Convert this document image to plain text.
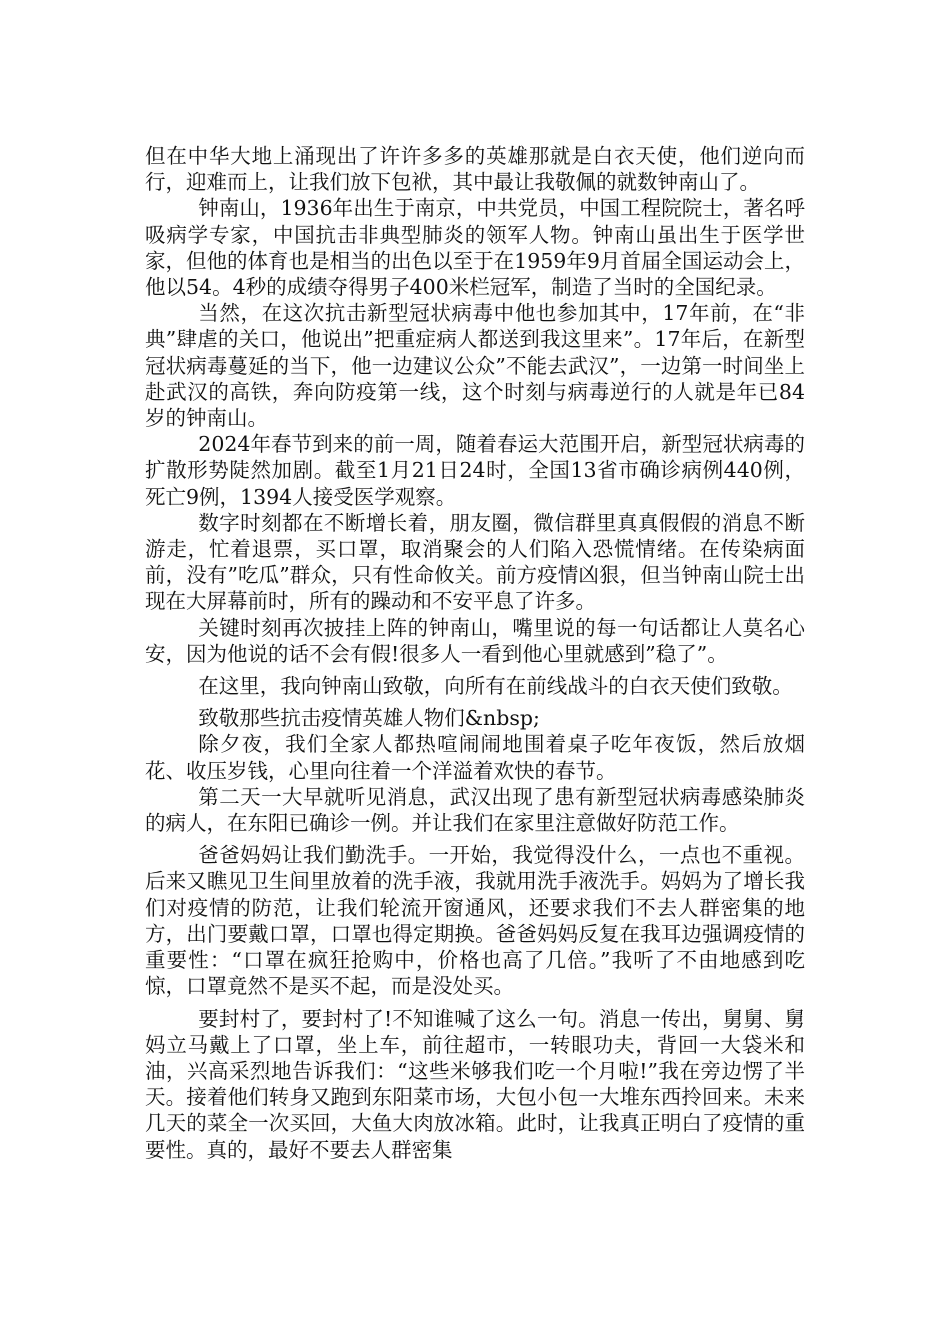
但在中华大地上涌现出了许许多多的英雄那就是白衣天使，他们逆向而行，迎难而上，让我们放下包袱，其中最让我敬佩的就数钟南山了。

钟南山，1936年出生于南京，中共党员，中国工程院院士，著名呼吸病学专家，中国抗击非典型肺炎的领军人物。钟南山虽出生于医学世家，但他的体育也是相当的出色以至于在1959年9月首届全国运动会上，他以54。4秒的成绩夺得男子400米栏冠军，制造了当时的全国纪录。

当然，在这次抗击新型冠状病毒中他也参加其中，17年前，在“非典”肆虐的关口，他说出”把重症病人都送到我这里来”。17年后，在新型冠状病毒蔓延的当下，他一边建议公众”不能去武汉”，一边第一时间坐上赴武汉的高铁，奔向防疫第一线，这个时刻与病毒逆行的人就是年已84岁的钟南山。

2024年春节到来的前一周，随着春运大范围开启，新型冠状病毒的扩散形势陡然加剧。截至1月21日24时，全国13省市确诊病例440例，死亡9例，1394人接受医学观察。

数字时刻都在不断增长着，朋友圈，微信群里真真假假的消息不断游走，忙着退票，买口罩，取消聚会的人们陷入恐慌情绪。在传染病面前，没有”吃瓜”群众，只有性命攸关。前方疫情凶狠，但当钟南山院士出现在大屏幕前时，所有的躁动和不安平息了许多。

关键时刻再次披挂上阵的钟南山，嘴里说的每一句话都让人莫名心安，因为他说的话不会有假!很多人一看到他心里就感到”稳了”。

在这里，我向钟南山致敬，向所有在前线战斗的白衣天使们致敬。

致敬那些抗击疫情英雄人物们&nbsp;

除夕夜，我们全家人都热喧闹闹地围着桌子吃年夜饭，然后放烟花、收压岁钱，心里向往着一个洋溢着欢快的春节。

第二天一大早就听见消息，武汉出现了患有新型冠状病毒感染肺炎的病人，在东阳已确诊一例。并让我们在家里注意做好防范工作。

爸爸妈妈让我们勤洗手。一开始，我觉得没什么，一点也不重视。后来又瞧见卫生间里放着的洗手液，我就用洗手液洗手。妈妈为了增长我们对疫情的防范，让我们轮流开窗通风，还要求我们不去人群密集的地方，出门要戴口罩，口罩也得定期换。爸爸妈妈反复在我耳边强调疫情的重要性：“口罩在疯狂抢购中，价格也高了几倍。”我听了不由地感到吃惊，口罩竟然不是买不起，而是没处买。

要封村了，要封村了!不知谁喊了这么一句。消息一传出，舅舅、舅妈立马戴上了口罩，坐上车，前往超市，一转眼功夫，背回一大袋米和油，兴高采烈地告诉我们：“这些米够我们吃一个月啦!”我在旁边愣了半天。接着他们转身又跑到东阳菜市场，大包小包一大堆东西拎回来。未来几天的菜全一次买回，大鱼大肉放冰箱。此时，让我真正明白了疫情的重要性。真的，最好不要去人群密集
